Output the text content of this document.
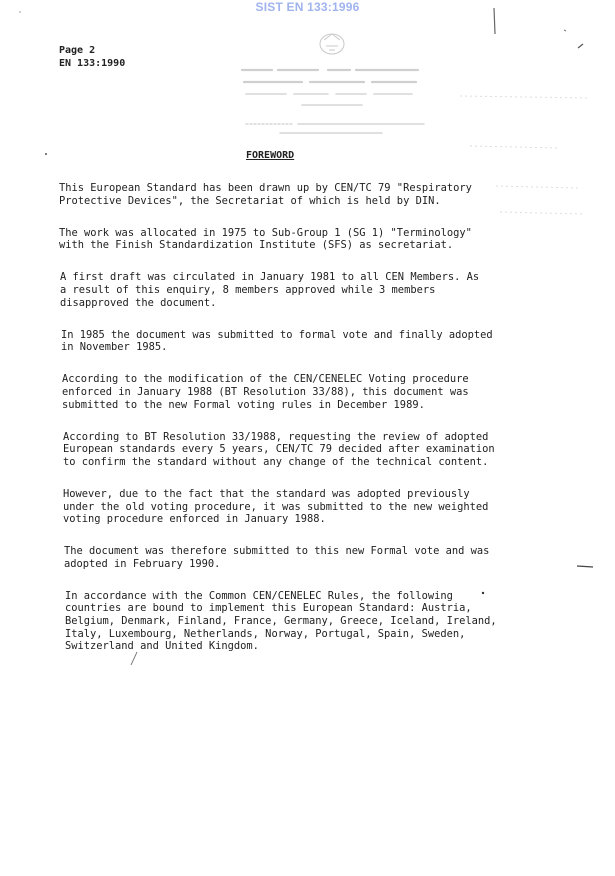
SIST EN 133:1996
Page 2
EN 133:1990
FOREWORD

This European Standard has been drawn up by CEN/TC 79 "Respiratory
Protective Devices", the Secretariat of which is held by DIN.

The work was allocated in 1975 to Sub-Group 1 (SG 1) "Terminology"
with the Finish Standardization Institute (SFS) as secretariat.

A first draft was circulated in January 1981 to all CEN Members. As
a result of this enquiry, 8 members approved while 3 members
disapproved the document.

In 1985 the document was submitted to formal vote and finally adopted
in November 1985.

According to the modification of the CEN/CENELEC Voting procedure
enforced in January 1988 (BT Resolution 33/88), this document was
submitted to the new Formal voting rules in December 1989.

According to BT Resolution 33/1988, requesting the review of adopted
European standards every 5 years, CEN/TC 79 decided after examination
to confirm the standard without any change of the technical content.

However, due to the fact that the standard was adopted previously
under the old voting procedure, it was submitted to the new weighted
voting procedure enforced in January 1988.

The document was therefore submitted to this new Formal vote and was
adopted in February 1990.

In accordance with the Common CEN/CENELEC Rules, the following
countries are bound to implement this European Standard: Austria,
Belgium, Denmark, Finland, France, Germany, Greece, Iceland, Ireland,
Italy, Luxembourg, Netherlands, Norway, Portugal, Spain, Sweden,
Switzerland and United Kingdom.
